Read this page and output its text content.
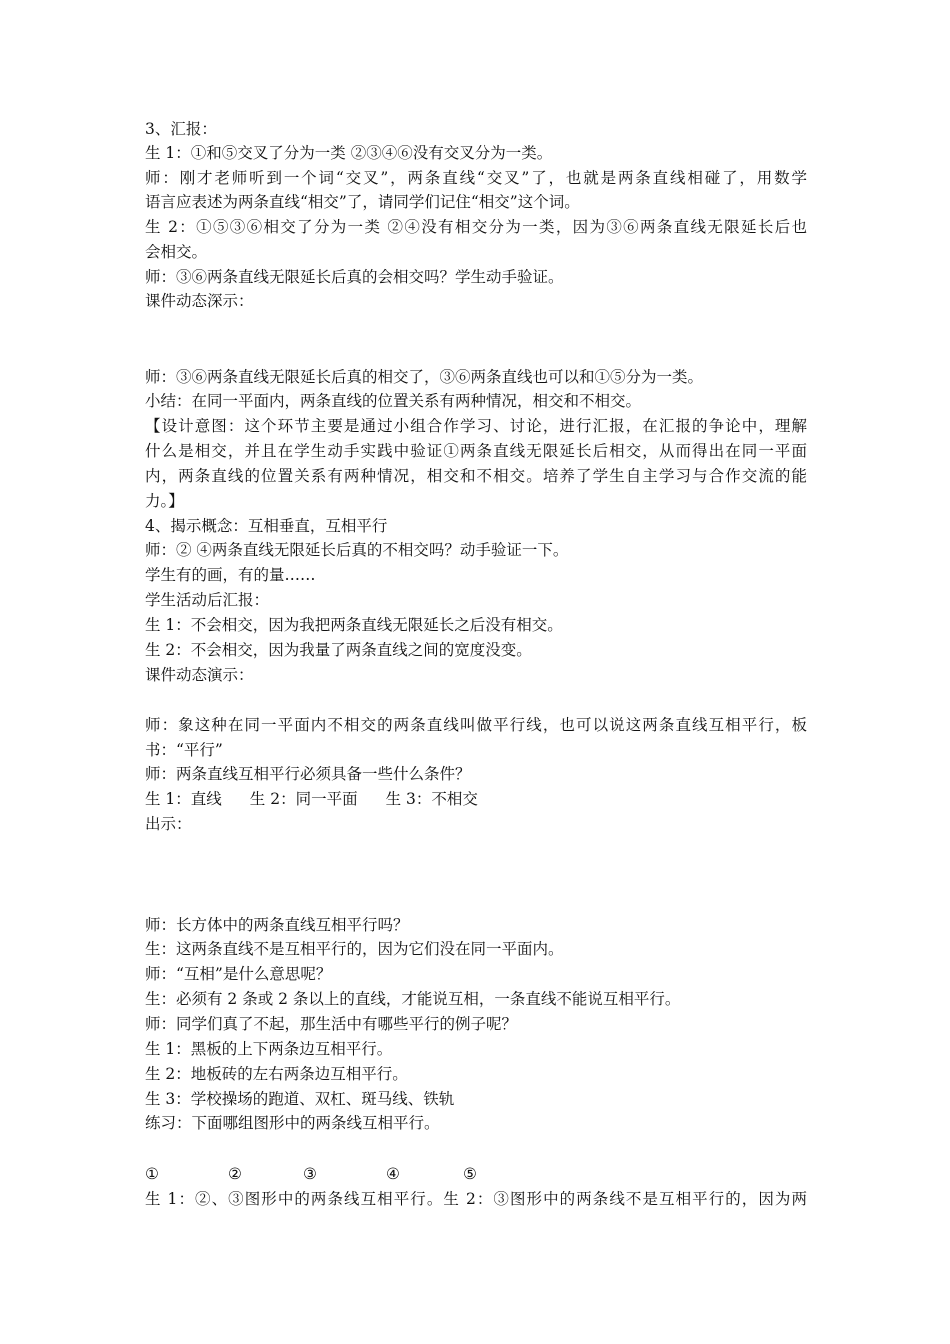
3、汇报：
生 1：①和⑤交叉了分为一类 ②③④⑥没有交叉分为一类。
师：刚才老师听到一个词“交叉”，两条直线“交叉”了，也就是两条直线相碰了，用数学
语言应表述为两条直线“相交”了，请同学们记住“相交”这个词。
生 2：①⑤③⑥相交了分为一类 ②④没有相交分为一类，因为③⑥两条直线无限延长后也
会相交。
师：③⑥两条直线无限延长后真的会相交吗？学生动手验证。
课件动态深示：
师：③⑥两条直线无限延长后真的相交了，③⑥两条直线也可以和①⑤分为一类。
小结：在同一平面内，两条直线的位置关系有两种情况，相交和不相交。
【设计意图：这个环节主要是通过小组合作学习、讨论，进行汇报，在汇报的争论中，理解
什么是相交，并且在学生动手实践中验证①两条直线无限延长后相交，从而得出在同一平面
内，两条直线的位置关系有两种情况，相交和不相交。培养了学生自主学习与合作交流的能
力。】
4、揭示概念：互相垂直，互相平行
师：② ④两条直线无限延长后真的不相交吗？动手验证一下。
学生有的画，有的量……
学生活动后汇报：
生 1：不会相交，因为我把两条直线无限延长之后没有相交。
生 2：不会相交，因为我量了两条直线之间的宽度没变。
课件动态演示：
师：象这种在同一平面内不相交的两条直线叫做平行线，也可以说这两条直线互相平行，板
书：“平行”
师：两条直线互相平行必须具备一些什么条件？
生 1：直线 生 2：同一平面 生 3：不相交
出示：
师：长方体中的两条直线互相平行吗？
生：这两条直线不是互相平行的，因为它们没在同一平面内。
师：“互相”是什么意思呢？
生：必须有 2 条或 2 条以上的直线，才能说互相，一条直线不能说互相平行。
师：同学们真了不起，那生活中有哪些平行的例子呢？
生 1：黑板的上下两条边互相平行。
生 2：地板砖的左右两条边互相平行。
生 3：学校操场的跑道、双杠、斑马线、铁轨
练习：下面哪组图形中的两条线互相平行。
①	②	③	④	⑤
生 1：②、③图形中的两条线互相平行。生 2：③图形中的两条线不是互相平行的，因为两
